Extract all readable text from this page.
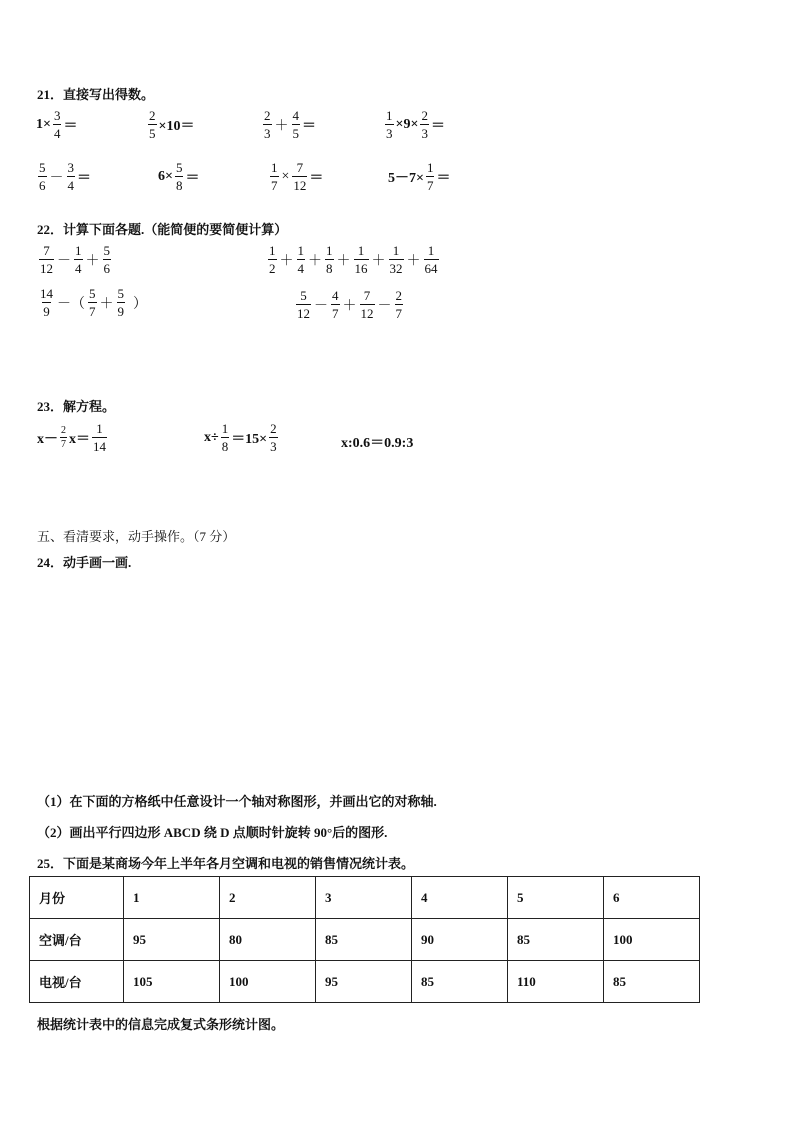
21．直接写出得数。
$1\times \frac{3}{4}$ ＝	$\frac{2}{5} \times 10=$	$\frac{2}{3} + \frac{4}{5}$ ＝	$\frac{1}{3} \times 9\times \frac{2}{3}$ ＝
$\frac{5}{6} - \frac{3}{4}$ ＝	$6\times \frac{5}{8}$ ＝	$\frac{1}{7} \times \frac{7}{12}$ ＝	$5-7\times \frac{1}{7}$ ＝
22．计算下面各题.（能简便的要简便计算）
$\frac{7}{12} - \frac{1}{4} + \frac{5}{6}$	$\frac{1}{2} + \frac{1}{4} + \frac{1}{8} + \frac{1}{16} + \frac{1}{32} + \frac{1}{64}$
$\frac{14}{9}$ －（ $\frac{5}{7} + \frac{5}{9}$ ）	$\frac{5}{12} - \frac{4}{7} + \frac{7}{12} - \frac{2}{7}$
23．解方程。
$x- \frac{2}{7} x= \frac{1}{14}$	$x\div \frac{1}{8} =15\times \frac{2}{3}$	x:0.6＝0.9:3
五、看清要求，动手操作。（7 分）
24．动手画一画.
（1）在下面的方格纸中任意设计一个轴对称图形，并画出它的对称轴.
（2）画出平行四边形 ABCD 绕 D 点顺时针旋转 90°后的图形.
25．下面是某商场今年上半年各月空调和电视的销售情况统计表。
月份	1	2	3	4	5	6
空调/台	95	80	85	90	85	100
电视/台	105	100	95	85	110	85
根据统计表中的信息完成复式条形统计图。
